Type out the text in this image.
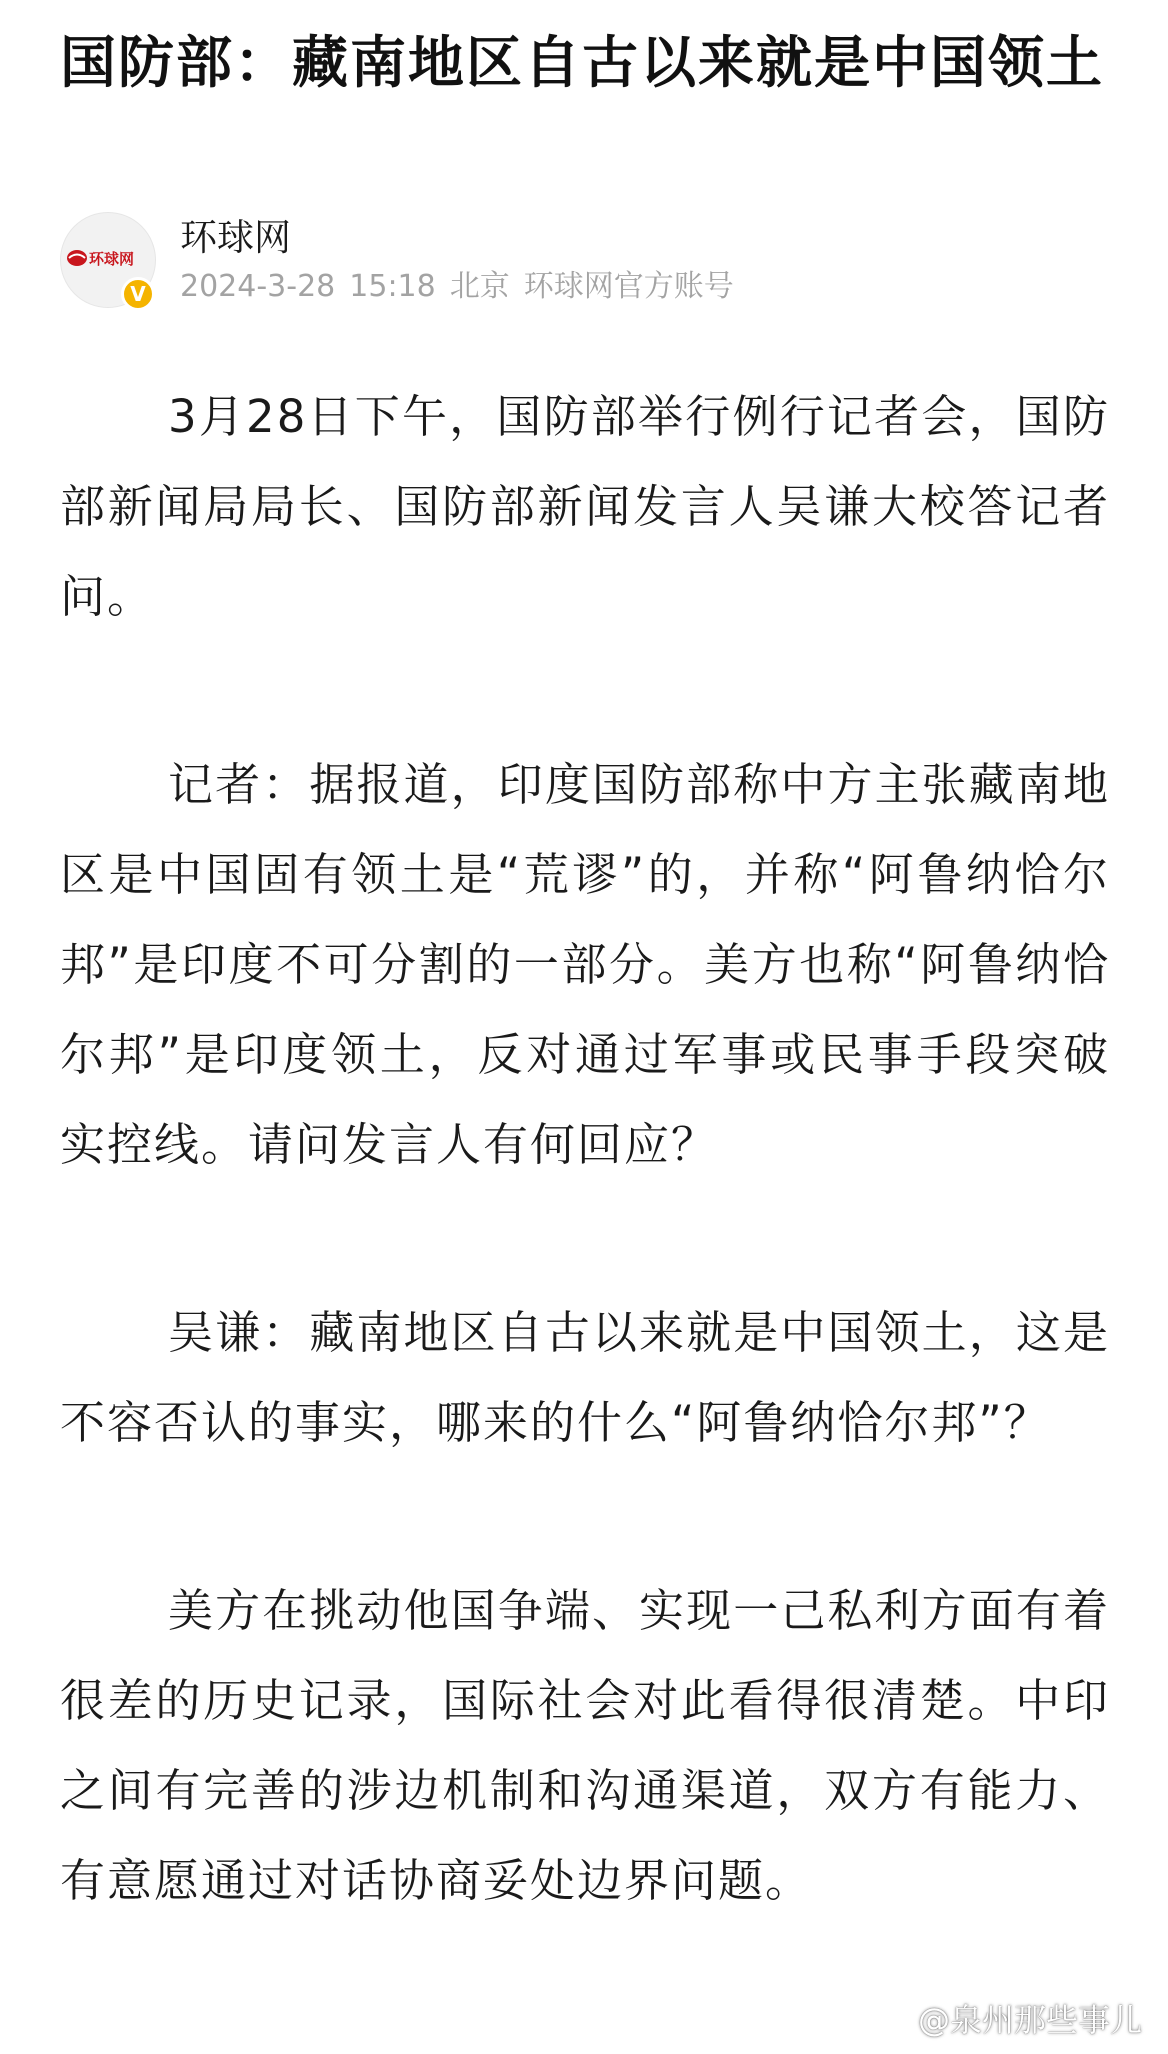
国防部：藏南地区自古以来就是中国领土
环球网
V
环球网
2024-3-28 15:18 北京 环球网官方账号

3月28日下午，国防部举行例行记者会，国防部新闻局局长、国防部新闻发言人吴谦大校答记者问。

记者：据报道，印度国防部称中方主张藏南地区是中国固有领土是“荒谬”的，并称“阿鲁纳恰尔邦”是印度不可分割的一部分。美方也称“阿鲁纳恰尔邦”是印度领土，反对通过军事或民事手段突破实控线。请问发言人有何回应？

吴谦：藏南地区自古以来就是中国领土，这是不容否认的事实，哪来的什么“阿鲁纳恰尔邦”？

美方在挑动他国争端、实现一己私利方面有着很差的历史记录，国际社会对此看得很清楚。中印之间有完善的涉边机制和沟通渠道，双方有能力、有意愿通过对话协商妥处边界问题。

@泉州那些事儿
